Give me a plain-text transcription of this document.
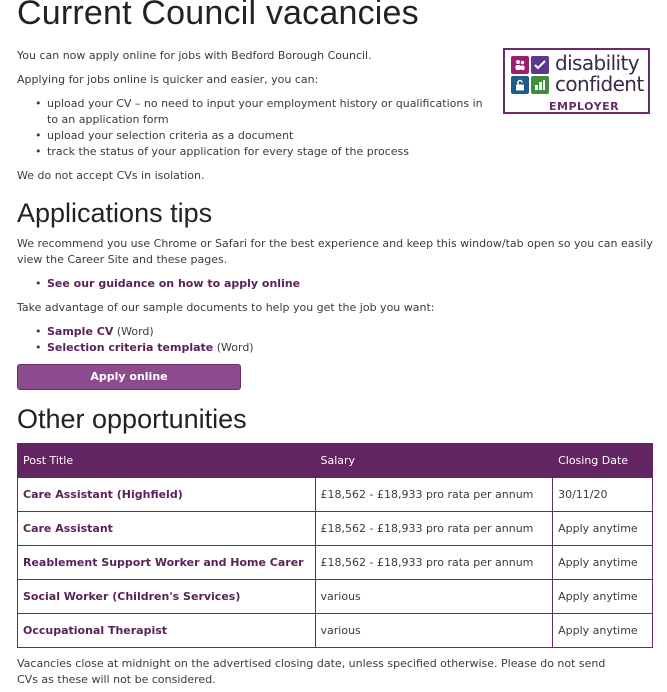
Current Council vacancies
You can now apply online for jobs with Bedford Borough Council.
Applying for jobs online is quicker and easier, you can:
• upload your CV – no need to input your employment history or qualifications in to an application form
• upload your selection criteria as a document
• track the status of your application for every stage of the process
We do not accept CVs in isolation.
disability
confident
EMPLOYER
Applications tips
We recommend you use Chrome or Safari for the best experience and keep this window/tab open so you can easily view the Career Site and these pages.
• See our guidance on how to apply online
Take advantage of our sample documents to help you get the job you want:
• Sample CV (Word)
• Selection criteria template (Word)
Apply online
Other opportunities
Post Title	Salary	Closing Date
Care Assistant (Highfield)	£18,562 - £18,933 pro rata per annum	30/11/20
Care Assistant	£18,562 - £18,933 pro rata per annum	Apply anytime
Reablement Support Worker and Home Carer	£18,562 - £18,933 pro rata per annum	Apply anytime
Social Worker (Children's Services)	various	Apply anytime
Occupational Therapist	various	Apply anytime
Vacancies close at midnight on the advertised closing date, unless specified otherwise. Please do not send CVs as these will not be considered.
